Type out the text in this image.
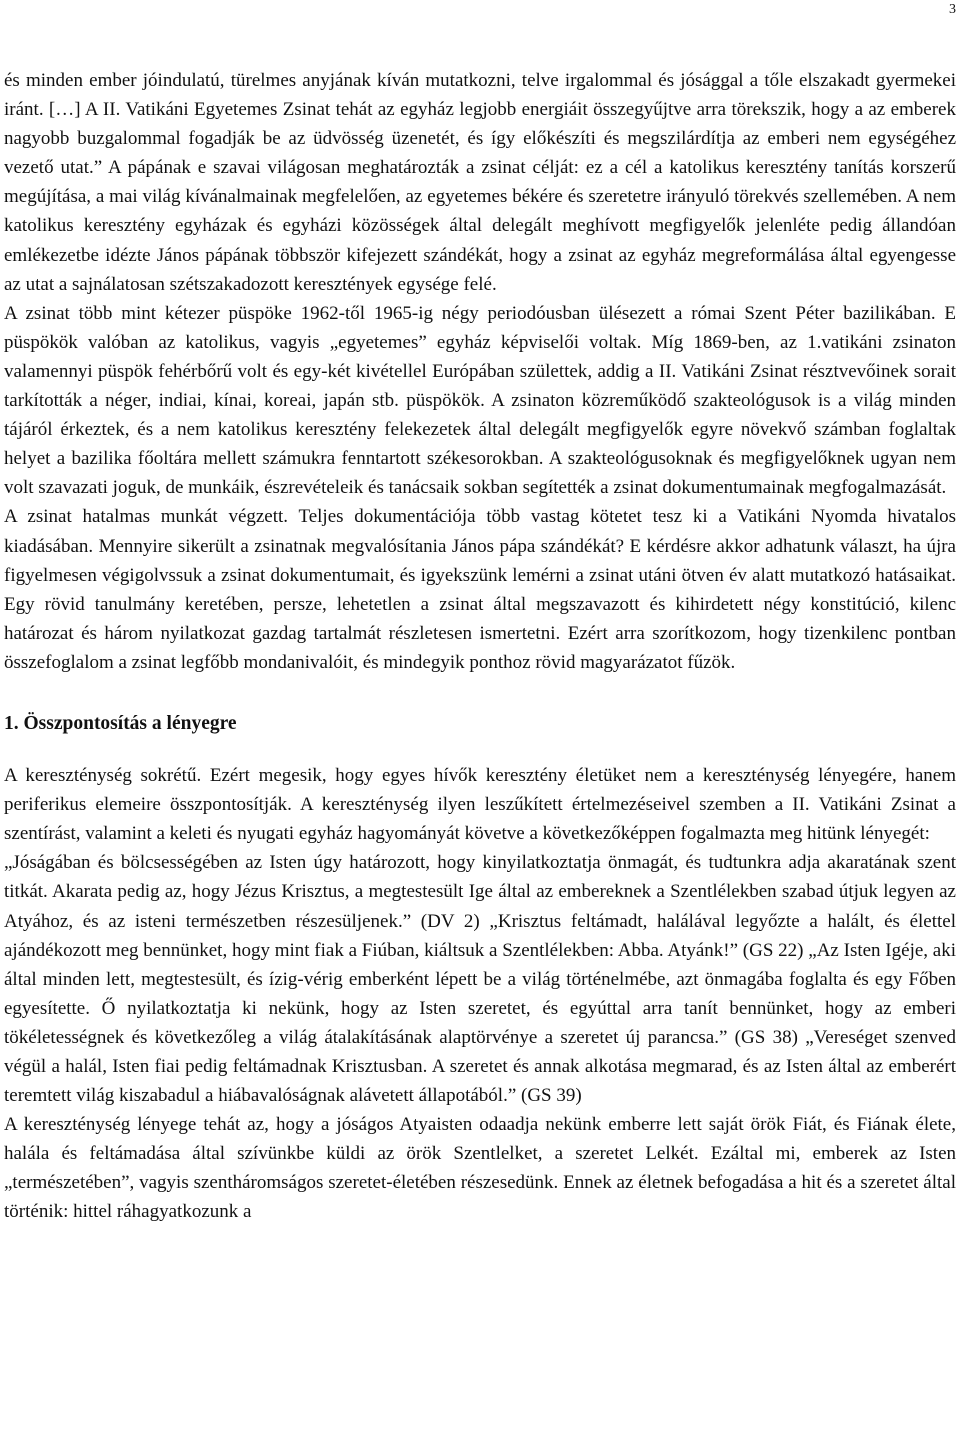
3

és minden ember jóindulatú, türelmes anyjának kíván mutatkozni, telve irgalommal és jósággal a tőle elszakadt gyermekei iránt. […] A II. Vatikáni Egyetemes Zsinat tehát az egyház legjobb energiáit összegyűjtve arra törekszik, hogy a az emberek nagyobb buzgalommal fogadják be az üdvösség üzenetét, és így előkészíti és megszilárdítja az emberi nem egységéhez vezető utat.” A pápának e szavai világosan meghatározták a zsinat célját: ez a cél a katolikus keresztény tanítás korszerű megújítása, a mai világ kívánalmainak megfelelően, az egyetemes békére és szeretetre irányuló törekvés szellemében. A nem katolikus keresztény egyházak és egyházi közösségek által delegált meghívott megfigyelők jelenléte pedig állandóan emlékezetbe idézte János pápának többször kifejezett szándékát, hogy a zsinat az egyház megreformálása által egyengesse az utat a sajnálatosan szétszakadozott keresztények egysége felé.

A zsinat több mint kétezer püspöke 1962-től 1965-ig négy periodóusban ülésezett a római Szent Péter bazilikában. E püspökök valóban az katolikus, vagyis „egyetemes” egyház képviselői voltak. Míg 1869-ben, az 1.vatikáni zsinaton valamennyi püspök fehérbőrű volt és egy-két kivétellel Európában születtek, addig a II. Vatikáni Zsinat résztvevőinek sorait tarkították a néger, indiai, kínai, koreai, japán stb. püspökök. A zsinaton közreműködő szakteológusok is a világ minden tájáról érkeztek, és a nem katolikus keresztény felekezetek által delegált megfigyelők egyre növekvő számban foglaltak helyet a bazilika főoltára mellett számukra fenntartott székesorokban. A szakteológusoknak és megfigyelőknek ugyan nem volt szavazati joguk, de munkáik, észrevételeik és tanácsaik sokban segítették a zsinat dokumentumainak megfogalmazását.

A zsinat hatalmas munkát végzett. Teljes dokumentációja több vastag kötetet tesz ki a Vatikáni Nyomda hivatalos kiadásában. Mennyire sikerült a zsinatnak megvalósítania János pápa szándékát? E kérdésre akkor adhatunk választ, ha újra figyelmesen végigolvssuk a zsinat dokumentumait, és igyekszünk lemérni a zsinat utáni ötven év alatt mutatkozó hatásaikat. Egy rövid tanulmány keretében, persze, lehetetlen a zsinat által megszavazott és kihirdetett négy konstitúció, kilenc határozat és három nyilatkozat gazdag tartalmát részletesen ismertetni. Ezért arra szorítkozom, hogy tizenkilenc pontban összefoglalom a zsinat legfőbb mondanivalóit, és mindegyik ponthoz rövid magyarázatot fűzök.

1. Összpontosítás a lényegre

A kereszténység sokrétű. Ezért megesik, hogy egyes hívők keresztény életüket nem a kereszténység lényegére, hanem periferikus elemeire összpontosítják. A kereszténység ilyen leszűkített értelmezéseivel szemben a II. Vatikáni Zsinat a szentírást, valamint a keleti és nyugati egyház hagyományát követve a következőképpen fogalmazta meg hitünk lényegét:

„Jóságában és bölcsességében az Isten úgy határozott, hogy kinyilatkoztatja önmagát, és tudtunkra adja akaratának szent titkát. Akarata pedig az, hogy Jézus Krisztus, a megtestesült Ige által az embereknek a Szentlélekben szabad útjuk legyen az Atyához, és az isteni természetben részesüljenek.” (DV 2) „Krisztus feltámadt, halálával legyőzte a halált, és élettel ajándékozott meg bennünket, hogy mint fiak a Fiúban, kiáltsuk a Szentlélekben: Abba. Atyánk!” (GS 22) „Az Isten Igéje, aki által minden lett, megtestesült, és ízig-vérig emberként lépett be a világ történelmébe, azt önmagába foglalta és egy Főben egyesítette. Ő nyilatkoztatja ki nekünk, hogy az Isten szeretet, és egyúttal arra tanít bennünket, hogy az emberi tökéletességnek és következőleg a világ átalakításának alaptörvénye a szeretet új parancsa.” (GS 38) „Vereséget szenved végül a halál, Isten fiai pedig feltámadnak Krisztusban. A szeretet és annak alkotása megmarad, és az Isten által az emberért teremtett világ kiszabadul a hiábavalóságnak alávetett állapotából.” (GS 39)

A kereszténység lényege tehát az, hogy a jóságos Atyaisten odaadja nekünk emberre lett saját örök Fiát, és Fiának élete, halála és feltámadása által szívünkbe küldi az örök Szentlelket, a szeretet Lelkét. Ezáltal mi, emberek az Isten „természetében”, vagyis szentháromságos szeretet-életében részesedünk. Ennek az életnek befogadása a hit és a szeretet által történik: hittel ráhagyatkozunk a
